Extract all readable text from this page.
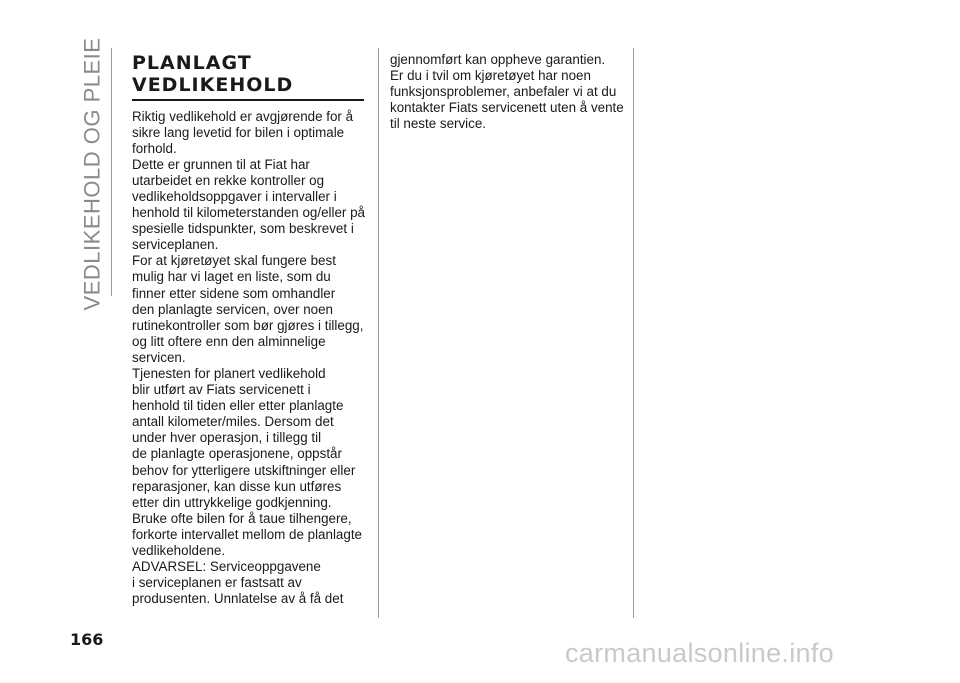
VEDLIKEHOLD OG PLEIE PLANLAGT
VEDLIKEHOLD

Riktig vedlikehold er avgjørende for å
sikre lang levetid for bilen i optimale
forhold.

Dette er grunnen til at Fiat har
utarbeidet en rekke kontroller og
vedlikeholdsoppgaver i intervaller i
henhold til kilometerstanden og/eller på
spesielle tidspunkter, som beskrevet i
serviceplanen.

For at kjøretøyet skal fungere best
mulig har vi laget en liste, som du
finner etter sidene som omhandler
den planlagte servicen, over noen
rutinekontroller som bør gjøres i tillegg,
og litt oftere enn den alminnelige
servicen.

Tjenesten for planert vedlikehold
blir utført av Fiats servicenett i
henhold til tiden eller etter planlagte
antall kilometer/miles. Dersom det
under hver operasjon, i tillegg til
de planlagte operasjonene, oppstår
behov for ytterligere utskiftninger eller
reparasjoner, kan disse kun utføres
etter din uttrykkelige godkjenning.

Bruke ofte bilen for å taue tilhengere,
forkorte intervallet mellom de planlagte
vedlikeholdene.

ADVARSEL: Serviceoppgavene
i serviceplanen er fastsatt av
produsenten. Unnlatelse av å få det

gjennomført kan oppheve garantien.
Er du i tvil om kjøretøyet har noen
funksjonsproblemer, anbefaler vi at du
kontakter Fiats servicenett uten å vente
til neste service.

166	carmanualsonline.info
